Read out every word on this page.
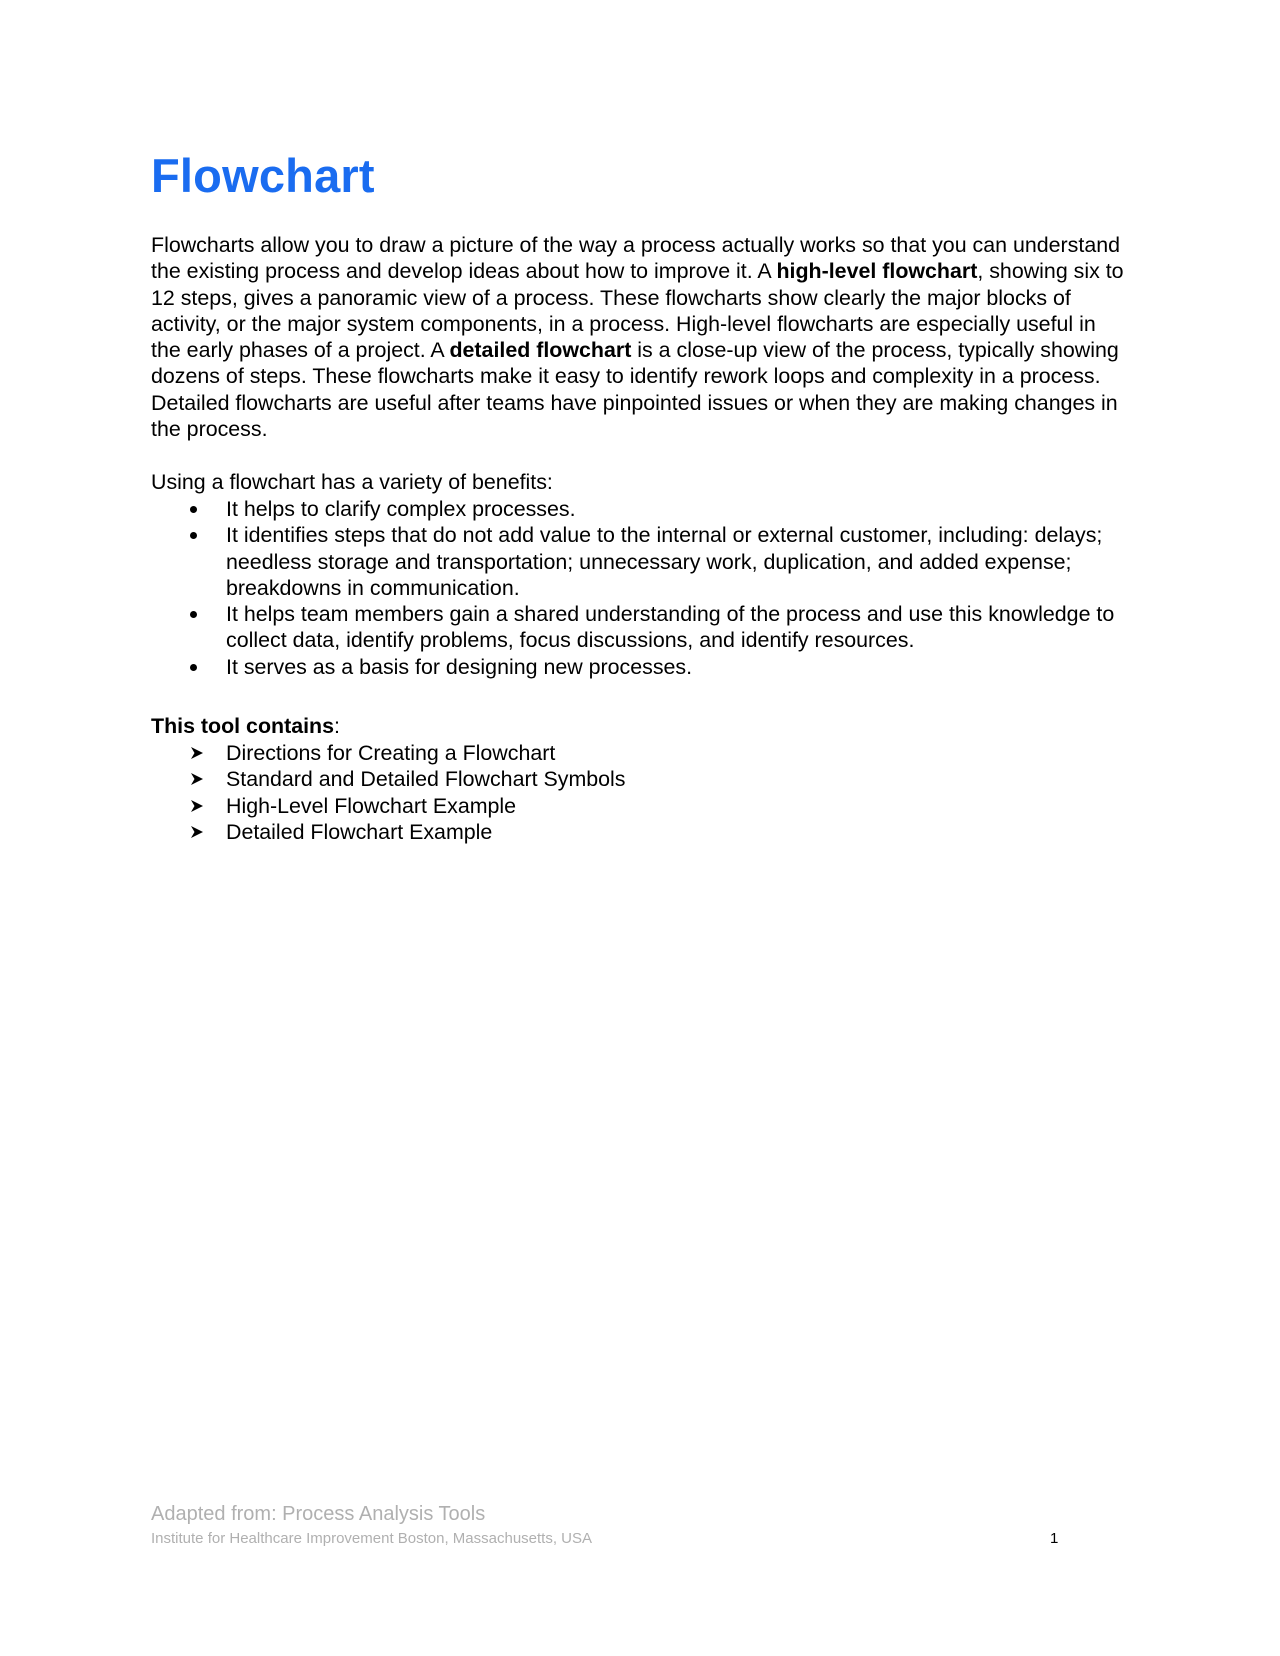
Flowchart

Flowcharts allow you to draw a picture of the way a process actually works so that you can understand the existing process and develop ideas about how to improve it. A high-level flowchart, showing six to 12 steps, gives a panoramic view of a process. These flowcharts show clearly the major blocks of activity, or the major system components, in a process. High-level flowcharts are especially useful in the early phases of a project. A detailed flowchart is a close-up view of the process, typically showing dozens of steps. These flowcharts make it easy to identify rework loops and complexity in a process. Detailed flowcharts are useful after teams have pinpointed issues or when they are making changes in the process.

Using a flowchart has a variety of benefits:

It helps to clarify complex processes.
It identifies steps that do not add value to the internal or external customer, including: delays; needless storage and transportation; unnecessary work, duplication, and added expense; breakdowns in communication.
It helps team members gain a shared understanding of the process and use this knowledge to collect data, identify problems, focus discussions, and identify resources.
It serves as a basis for designing new processes.

This tool contains:

Directions for Creating a Flowchart
Standard and Detailed Flowchart Symbols
High-Level Flowchart Example
Detailed Flowchart Example

Adapted from: Process Analysis Tools

Institute for Healthcare Improvement Boston, Massachusetts, USA	1
